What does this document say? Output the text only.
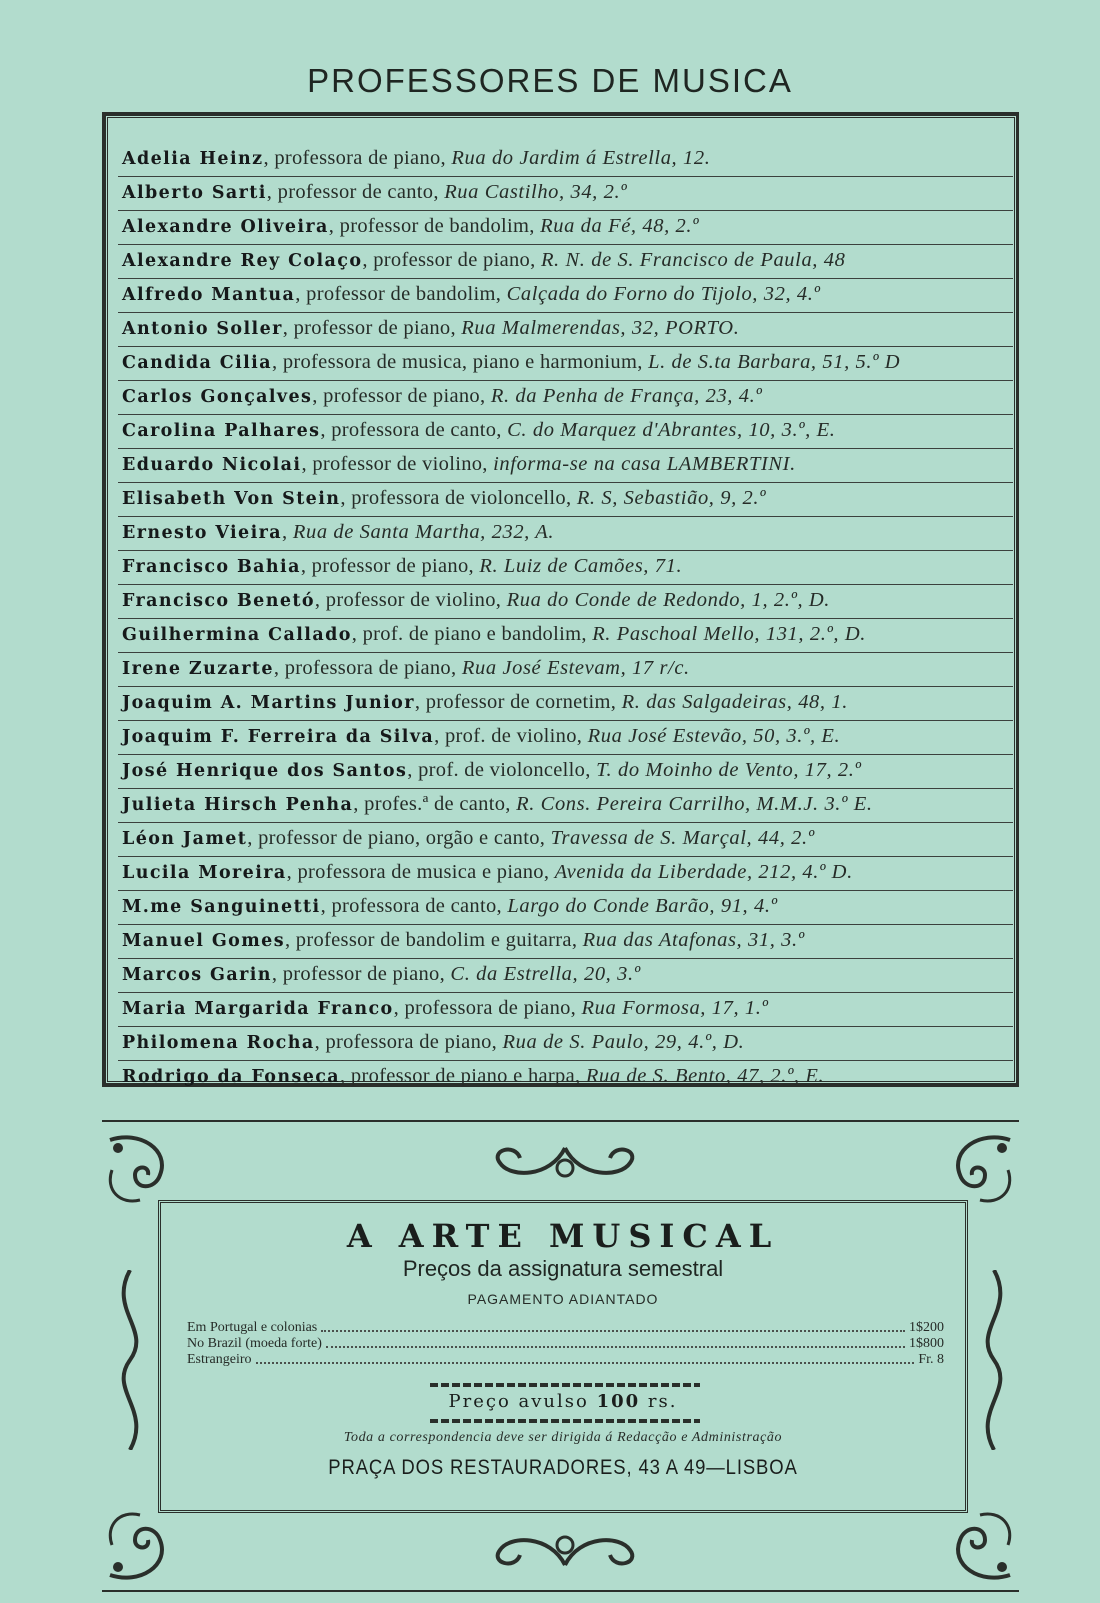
PROFESSORES DE MUSICA
Adelia Heinz, professora de piano, Rua do Jardim á Estrella, 12.
Alberto Sarti, professor de canto, Rua Castilho, 34, 2.º
Alexandre Oliveira, professor de bandolim, Rua da Fé, 48, 2.º
Alexandre Rey Colaço, professor de piano, R. N. de S. Francisco de Paula, 48
Alfredo Mantua, professor de bandolim, Calçada do Forno do Tijolo, 32, 4.º
Antonio Soller, professor de piano, Rua Malmerendas, 32, PORTO.
Candida Cilia, professora de musica, piano e harmonium, L. de S.ta Barbara, 51, 5.º D
Carlos Gonçalves, professor de piano, R. da Penha de França, 23, 4.º
Carolina Palhares, professora de canto, C. do Marquez d'Abrantes, 10, 3.º, E.
Eduardo Nicolai, professor de violino, informa-se na casa LAMBERTINI.
Elisabeth Von Stein, professora de violoncello, R. S, Sebastião, 9, 2.º
Ernesto Vieira, Rua de Santa Martha, 232, A.
Francisco Bahia, professor de piano, R. Luiz de Camões, 71.
Francisco Benetó, professor de violino, Rua do Conde de Redondo, 1, 2.º, D.
Guilhermina Callado, prof. de piano e bandolim, R. Paschoal Mello, 131, 2.º, D.
Irene Zuzarte, professora de piano, Rua José Estevam, 17 r/c.
Joaquim A. Martins Junior, professor de cornetim, R. das Salgadeiras, 48, 1.
Joaquim F. Ferreira da Silva, prof. de violino, Rua José Estevão, 50, 3.º, E.
José Henrique dos Santos, prof. de violoncello, T. do Moinho de Vento, 17, 2.º
Julieta Hirsch Penha, profes.ª de canto, R. Cons. Pereira Carrilho, M.M.J. 3.º E.
Léon Jamet, professor de piano, orgão e canto, Travessa de S. Marçal, 44, 2.º
Lucila Moreira, professora de musica e piano, Avenida da Liberdade, 212, 4.º D.
M.me Sanguinetti, professora de canto, Largo do Conde Barão, 91, 4.º
Manuel Gomes, professor de bandolim e guitarra, Rua das Atafonas, 31, 3.º
Marcos Garin, professor de piano, C. da Estrella, 20, 3.º
Maria Margarida Franco, professora de piano, Rua Formosa, 17, 1.º
Philomena Rocha, professora de piano, Rua de S. Paulo, 29, 4.º, D.
Rodrigo da Fonseca, professor de piano e harpa, Rua de S. Bento, 47, 2.º, E.
A ARTE MUSICAL
Preços da assignatura semestral
PAGAMENTO ADIANTADO
Em Portugal e colonias	1$200
No Brazil (moeda forte)	1$800
Estrangeiro	Fr. 8
Preço avulso 100 rs.
Toda a correspondencia deve ser dirigida á Redacção e Administração
PRAÇA DOS RESTAURADORES, 43 A 49—LISBOA
